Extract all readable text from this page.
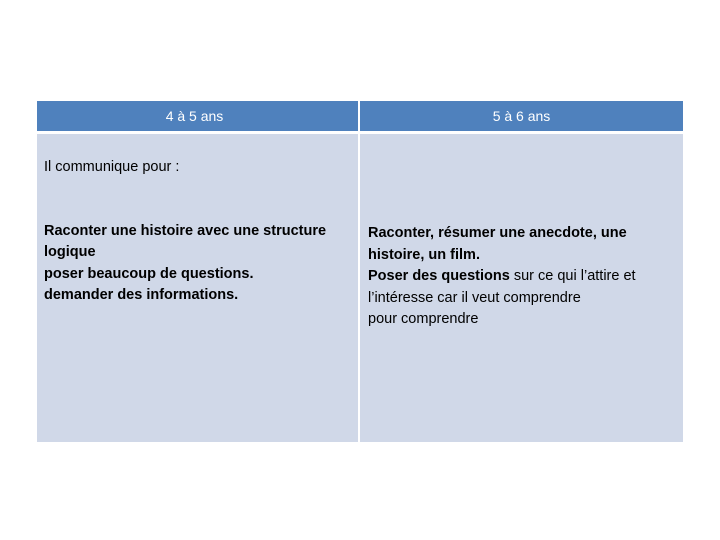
4 à 5 ans	5 à 6 ans
Il communique pour :
Raconter une histoire avec une structure
logique
poser beaucoup de questions.
demander des informations.
Raconter, résumer une anecdote, une
histoire, un film.
Poser des questions sur ce qui l’attire et
l’intéresse car il veut comprendre
pour comprendre
